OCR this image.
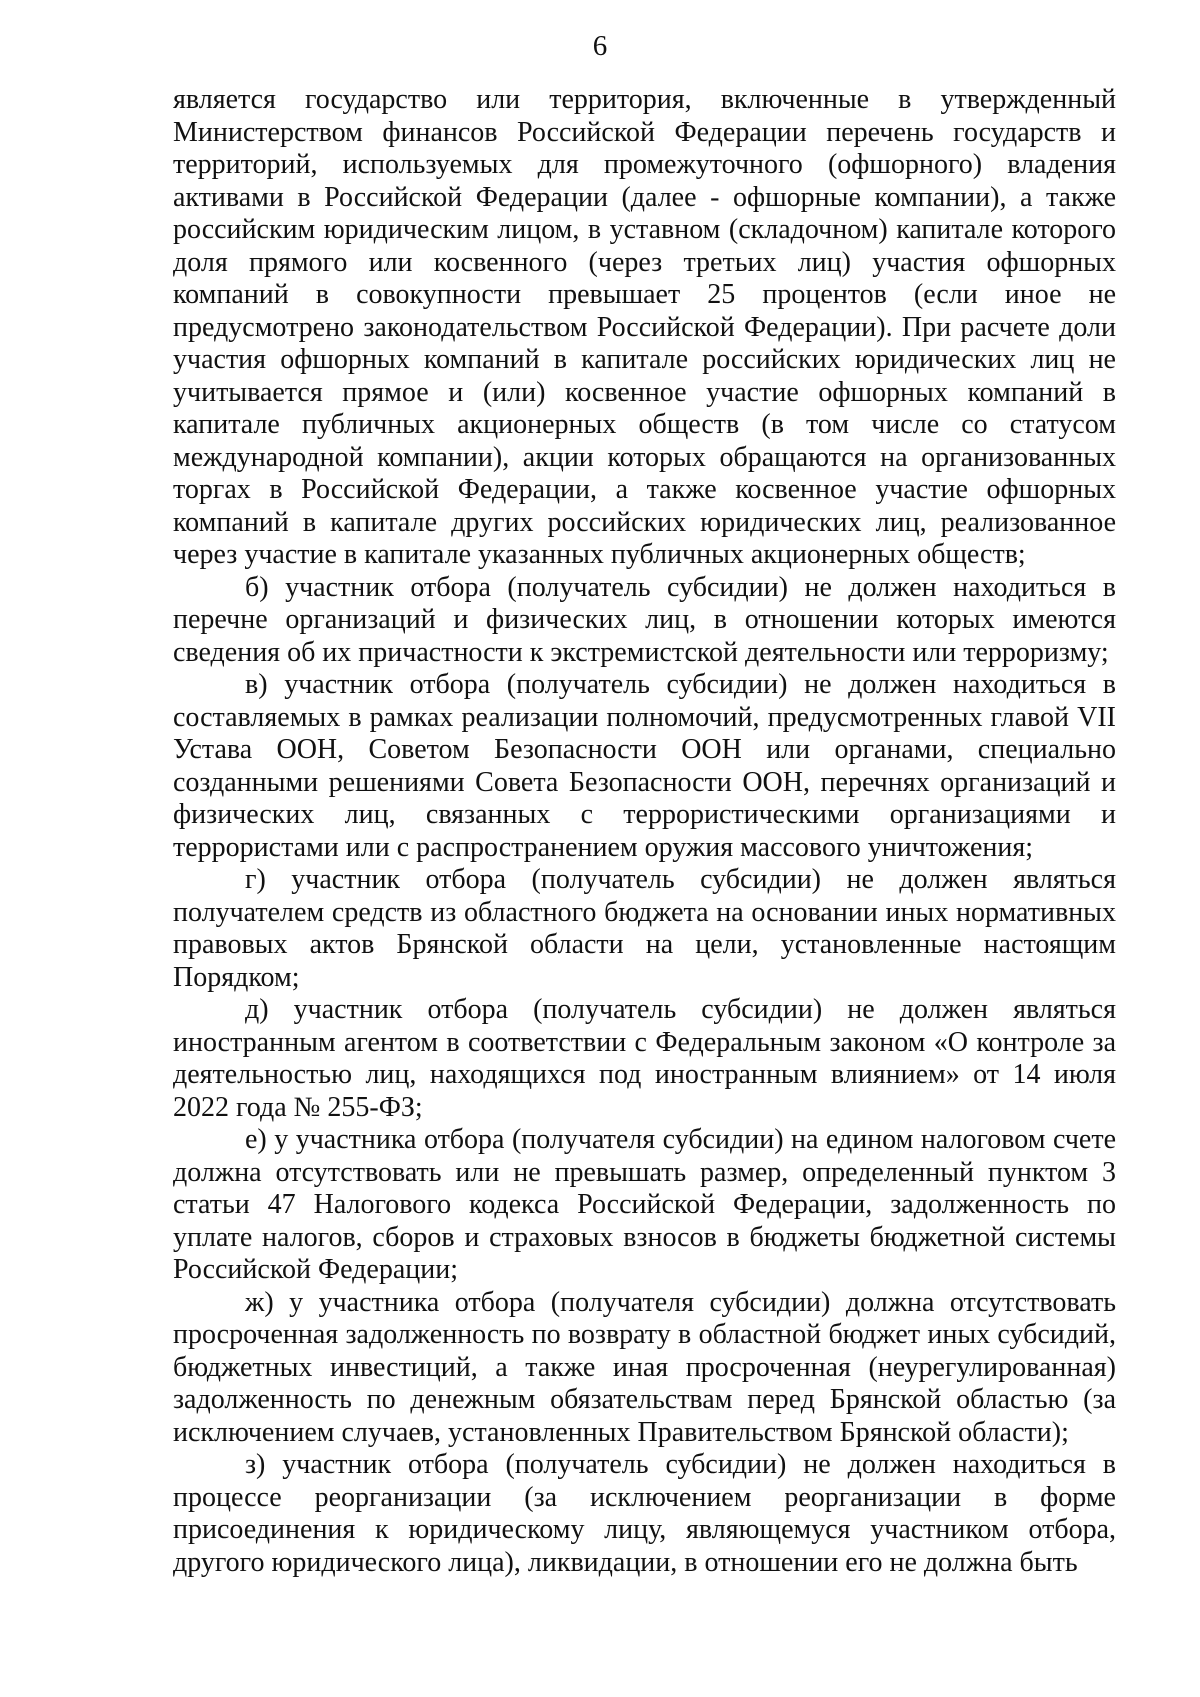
6

является государство или территория, включенные в утвержденный Министерством финансов Российской Федерации перечень государств и территорий, используемых для промежуточного (офшорного) владения активами в Российской Федерации (далее - офшорные компании), а также российским юридическим лицом, в уставном (складочном) капитале которого доля прямого или косвенного (через третьих лиц) участия офшорных компаний в совокупности превышает 25 процентов (если иное не предусмотрено законодательством Российской Федерации). При расчете доли участия офшорных компаний в капитале российских юридических лиц не учитывается прямое и (или) косвенное участие офшорных компаний в капитале публичных акционерных обществ (в том числе со статусом международной компании), акции которых обращаются на организованных торгах в Российской Федерации, а также косвенное участие офшорных компаний в капитале других российских юридических лиц, реализованное через участие в капитале указанных публичных акционерных обществ;

б) участник отбора (получатель субсидии) не должен находиться в перечне организаций и физических лиц, в отношении которых имеются сведения об их причастности к экстремистской деятельности или терроризму;

в) участник отбора (получатель субсидии) не должен находиться в составляемых в рамках реализации полномочий, предусмотренных главой VII Устава ООН, Советом Безопасности ООН или органами, специально созданными решениями Совета Безопасности ООН, перечнях организаций и физических лиц, связанных с террористическими организациями и террористами или с распространением оружия массового уничтожения;

г) участник отбора (получатель субсидии) не должен являться получателем средств из областного бюджета на основании иных нормативных правовых актов Брянской области на цели, установленные настоящим Порядком;

д) участник отбора (получатель субсидии) не должен являться иностранным агентом в соответствии с Федеральным законом «О контроле за деятельностью лиц, находящихся под иностранным влиянием» от 14 июля 2022 года № 255-ФЗ;

е) у участника отбора (получателя субсидии) на едином налоговом счете должна отсутствовать или не превышать размер, определенный пунктом 3 статьи 47 Налогового кодекса Российской Федерации, задолженность по уплате налогов, сборов и страховых взносов в бюджеты бюджетной системы Российской Федерации;

ж) у участника отбора (получателя субсидии) должна отсутствовать просроченная задолженность по возврату в областной бюджет иных субсидий, бюджетных инвестиций, а также иная просроченная (неурегулированная) задолженность по денежным обязательствам перед Брянской областью (за исключением случаев, установленных Правительством Брянской области);

з) участник отбора (получатель субсидии) не должен находиться в процессе реорганизации (за исключением реорганизации в форме присоединения к юридическому лицу, являющемуся участником отбора, другого юридического лица), ликвидации, в отношении его не должна быть
